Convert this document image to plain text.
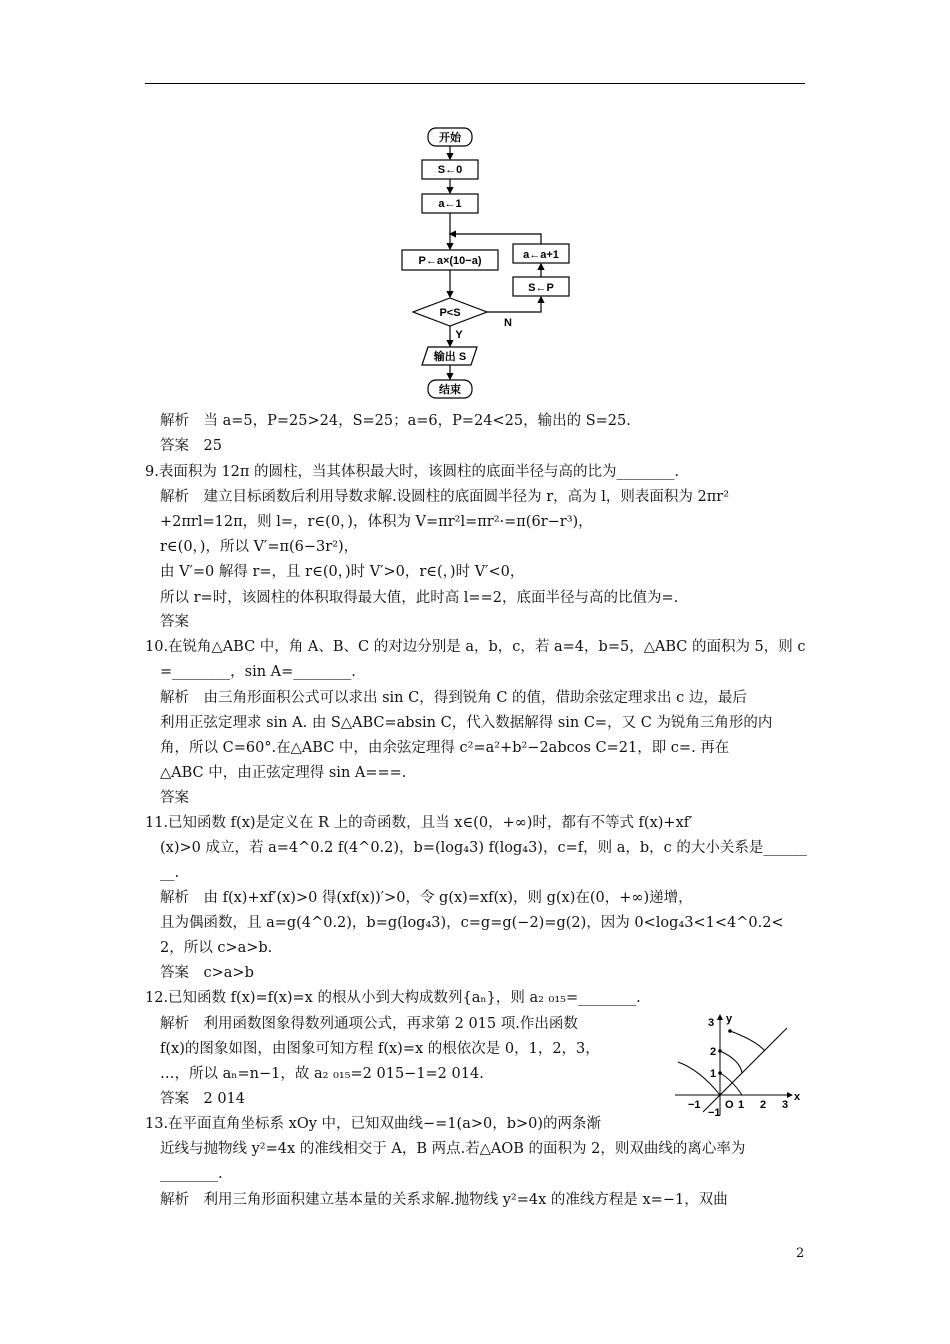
开始
S←0
a←1
P←a×(10−a)	a←a+1
S←P
P<S
Y
N
输出 S
结束
解析　当 a=5，P=25>24，S=25；a=6，P=24<25，输出的 S=25.
答案　25
9.表面积为 12π 的圆柱，当其体积最大时，该圆柱的底面半径与高的比为________.
解析　建立目标函数后利用导数求解.设圆柱的底面圆半径为 r，高为 l，则表面积为 2πr²
+2πrl=12π，则 l=，r∈(0，)，体积为 V=πr²l=πr²·=π(6r−r³)，
r∈(0，)，所以 V′=π(6−3r²)，
由 V′=0 解得 r=，且 r∈(0，)时 V′>0，r∈(，)时 V′<0，
所以 r=时，该圆柱的体积取得最大值，此时高 l==2，底面半径与高的比值为=.
答案
10.在锐角△ABC 中，角 A、B、C 的对边分别是 a，b，c，若 a=4，b=5，△ABC 的面积为 5，则 c
=________，sin A=________.
解析　由三角形面积公式可以求出 sin C，得到锐角 C 的值，借助余弦定理求出 c 边，最后
利用正弦定理求 sin A. 由 S△ABC=absin C，代入数据解得 sin C=，又 C 为锐角三角形的内
角，所以 C=60°.在△ABC 中，由余弦定理得 c²=a²+b²−2abcos C=21，即 c=. 再在
△ABC 中，由正弦定理得 sin A===.
答案
11.已知函数 f(x)是定义在 R 上的奇函数，且当 x∈(0，+∞)时，都有不等式 f(x)+xf′
(x)>0 成立，若 a=4^0.2 f(4^0.2)，b=(log₄3) f(log₄3)，c=f，则 a，b，c 的大小关系是______
__.
解析　由 f(x)+xf′(x)>0 得(xf(x))′>0，令 g(x)=xf(x)，则 g(x)在(0，+∞)递增，
且为偶函数，且 a=g(4^0.2)，b=g(log₄3)，c=g=g(−2)=g(2)，因为 0<log₄3<1<4^0.2<
2，所以 c>a>b.
答案　c>a>b
12.已知函数 f(x)=f(x)=x 的根从小到大构成数列{aₙ}，则 a₂ ₀₁₅=________.
解析　利用函数图象得数列通项公式，再求第 2 015 项.作出函数
f(x)的图象如图，由图象可知方程 f(x)=x 的根依次是 0，1，2，3，
…，所以 aₙ=n−1，故 a₂ ₀₁₅=2 015−1=2 014.
答案　2 014
13.在平面直角坐标系 xOy 中，已知双曲线−=1(a>0，b>0)的两条渐
近线与抛物线 y²=4x 的准线相交于 A，B 两点.若△AOB 的面积为 2，则双曲线的离心率为
________.
解析　利用三角形面积建立基本量的关系求解.抛物线 y²=4x 的准线方程是 x=−1，双曲
y
x
−1 O 1 2 3
3
2
1
−1
2
